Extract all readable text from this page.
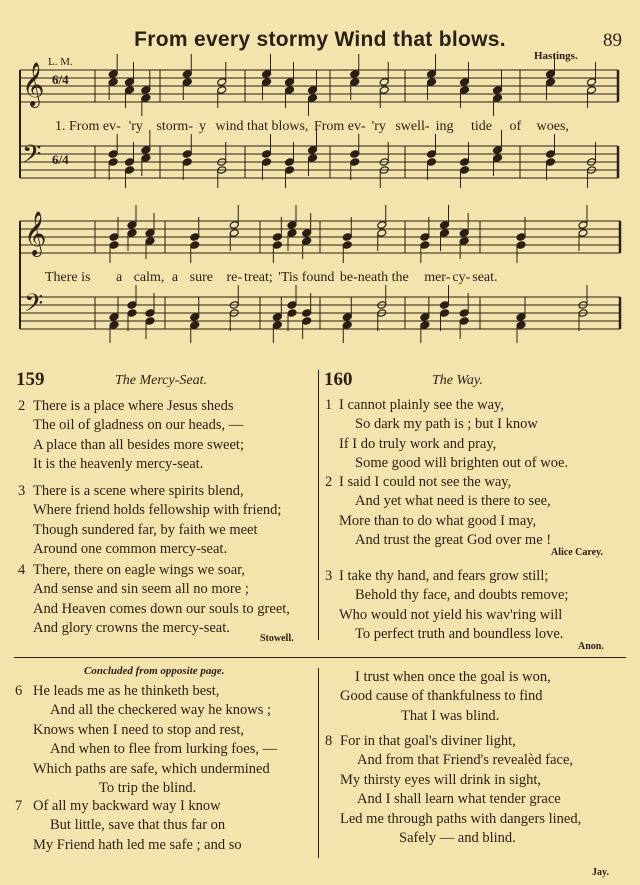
From every stormy Wind that blows.	89
L. M.	Hastings.
𝄞
𝄢
𝄞
𝄢
6/4
6/4
1. From ev- 'ry storm- y wind that blows, From ev- 'ry swell- ing tide of woes,
There is a calm, a sure re- treat; 'Tis found be-neath the mer- cy- seat.
159	The Mercy-Seat.
2 There is a place where Jesus sheds
The oil of gladness on our heads, —
A place than all besides more sweet;
It is the heavenly mercy-seat.
3 There is a scene where spirits blend,
Where friend holds fellowship with friend;
Though sundered far, by faith we meet
Around one common mercy-seat.
4 There, there on eagle wings we soar,
And sense and sin seem all no more ;
And Heaven comes down our souls to greet,
And glory crowns the mercy-seat.
Stowell.
160	The Way.
1 I cannot plainly see the way,
So dark my path is ; but I know
If I do truly work and pray,
Some good will brighten out of woe.
2 I said I could not see the way,
And yet what need is there to see,
More than to do what good I may,
And trust the great God over me !
Alice Carey.
3 I take thy hand, and fears grow still;
Behold thy face, and doubts remove;
Who would not yield his wav'ring will
To perfect truth and boundless love.
Anon.
Concluded from opposite page.
6 He leads me as he thinketh best,
And all the checkered way he knows ;
Knows when I need to stop and rest,
And when to flee from lurking foes, —
Which paths are safe, which undermined
To trip the blind.
7 Of all my backward way I know
But little, save that thus far on
My Friend hath led me safe ; and so
I trust when once the goal is won,
Good cause of thankfulness to find
That I was blind.
8 For in that goal's diviner light,
And from that Friend's revealèd face,
My thirsty eyes will drink in sight,
And I shall learn what tender grace
Led me through paths with dangers lined,
Safely — and blind.
Jay.
